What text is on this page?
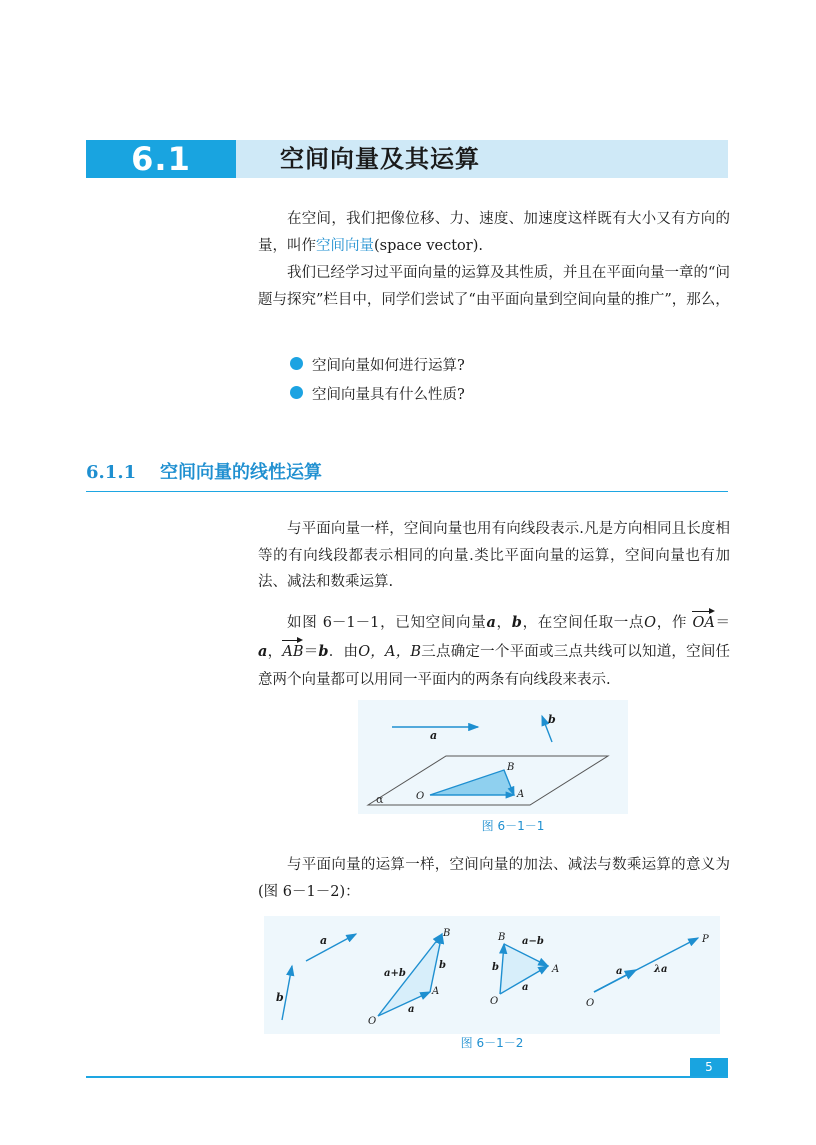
6.1	空间向量及其运算

在空间，我们把像位移、力、速度、加速度这样既有大小又有方向的量，叫作空间向量(space vector).

我们已经学习过平面向量的运算及其性质，并且在平面向量一章的“问题与探究”栏目中，同学们尝试了“由平面向量到空间向量的推广”，那么，

空间向量如何进行运算?
空间向量具有什么性质?
6.1.1 空间向量的线性运算

与平面向量一样，空间向量也用有向线段表示.凡是方向相同且长度相等的有向线段都表示相同的向量.类比平面向量的运算，空间向量也有加法、减法和数乘运算.

如图 6－1－1，已知空间向量a，b，在空间任取一点O，作 OA＝a，AB＝b．由O，A，B三点确定一个平面或三点共线可以知道，空间任意两个向量都可以用同一平面内的两条有向线段来表示.

a
b
α	O	A
B
图 6－1－1

与平面向量的运算一样，空间向量的加法、减法与数乘运算的意义为(图 6－1－2)：

a
b
B
A
O
a+b
b
a
B
A
O
a−b
b
a
O
P
a	λa
图 6－1－2
5
